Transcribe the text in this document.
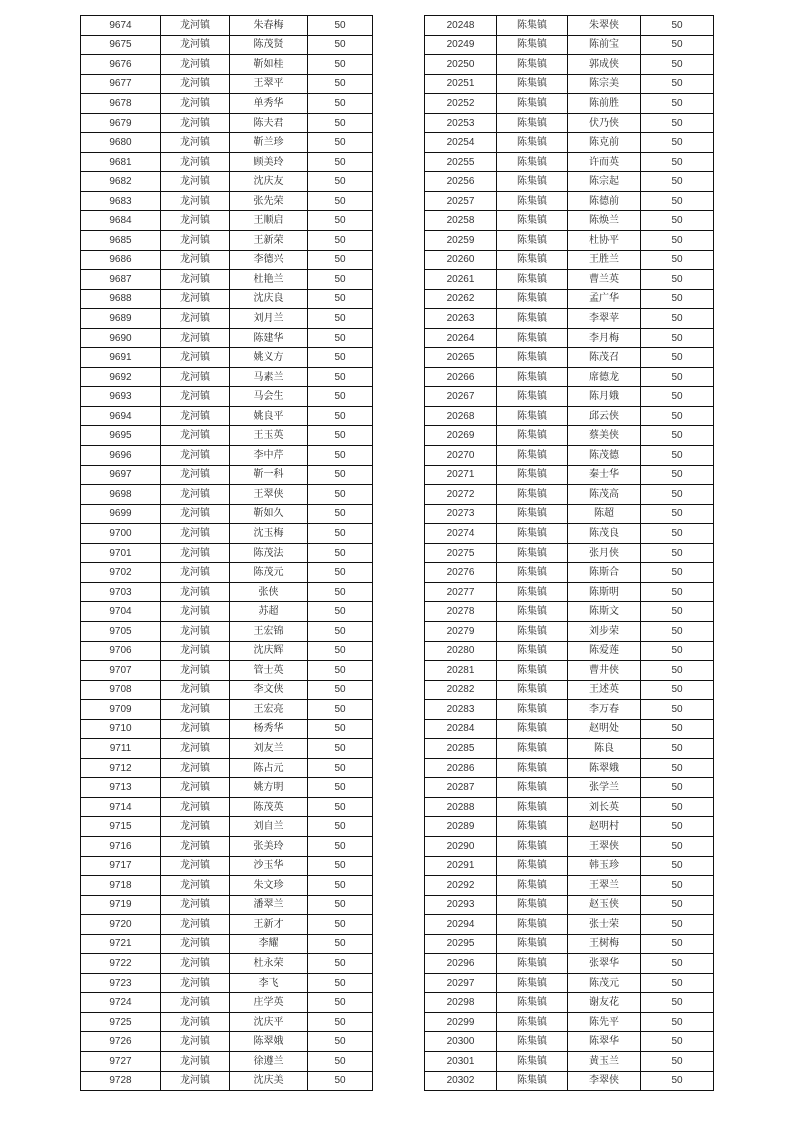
9674	龙河镇	朱春梅	50
9675	龙河镇	陈茂贤	50
9676	龙河镇	靳如桂	50
9677	龙河镇	王翠平	50
9678	龙河镇	单秀华	50
9679	龙河镇	陈夫君	50
9680	龙河镇	靳兰珍	50
9681	龙河镇	顾美玲	50
9682	龙河镇	沈庆友	50
9683	龙河镇	张先荣	50
9684	龙河镇	王顺启	50
9685	龙河镇	王新荣	50
9686	龙河镇	李德兴	50
9687	龙河镇	杜艳兰	50
9688	龙河镇	沈庆良	50
9689	龙河镇	刘月兰	50
9690	龙河镇	陈建华	50
9691	龙河镇	姚义方	50
9692	龙河镇	马素兰	50
9693	龙河镇	马会生	50
9694	龙河镇	姚良平	50
9695	龙河镇	王玉英	50
9696	龙河镇	李中芹	50
9697	龙河镇	靳一科	50
9698	龙河镇	王翠侠	50
9699	龙河镇	靳如久	50
9700	龙河镇	沈玉梅	50
9701	龙河镇	陈茂法	50
9702	龙河镇	陈茂元	50
9703	龙河镇	张侠	50
9704	龙河镇	苏超	50
9705	龙河镇	王宏锦	50
9706	龙河镇	沈庆辉	50
9707	龙河镇	管士英	50
9708	龙河镇	李文侠	50
9709	龙河镇	王宏亮	50
9710	龙河镇	杨秀华	50
9711	龙河镇	刘友兰	50
9712	龙河镇	陈占元	50
9713	龙河镇	姚方明	50
9714	龙河镇	陈茂英	50
9715	龙河镇	刘自兰	50
9716	龙河镇	张美玲	50
9717	龙河镇	沙玉华	50
9718	龙河镇	朱文珍	50
9719	龙河镇	潘翠兰	50
9720	龙河镇	王新才	50
9721	龙河镇	李耀	50
9722	龙河镇	杜永荣	50
9723	龙河镇	李飞	50
9724	龙河镇	庄学英	50
9725	龙河镇	沈庆平	50
9726	龙河镇	陈翠娥	50
9727	龙河镇	徐遵兰	50
9728	龙河镇	沈庆美	50
20248	陈集镇	朱翠侠	50
20249	陈集镇	陈前宝	50
20250	陈集镇	郭成侠	50
20251	陈集镇	陈宗美	50
20252	陈集镇	陈前胜	50
20253	陈集镇	伏乃侠	50
20254	陈集镇	陈克前	50
20255	陈集镇	许而英	50
20256	陈集镇	陈宗起	50
20257	陈集镇	陈德前	50
20258	陈集镇	陈焕兰	50
20259	陈集镇	杜协平	50
20260	陈集镇	王胜兰	50
20261	陈集镇	曹兰英	50
20262	陈集镇	孟广华	50
20263	陈集镇	李翠苹	50
20264	陈集镇	李月梅	50
20265	陈集镇	陈茂召	50
20266	陈集镇	席德龙	50
20267	陈集镇	陈月娥	50
20268	陈集镇	邱云侠	50
20269	陈集镇	蔡美侠	50
20270	陈集镇	陈茂德	50
20271	陈集镇	秦士华	50
20272	陈集镇	陈茂高	50
20273	陈集镇	陈超	50
20274	陈集镇	陈茂良	50
20275	陈集镇	张月侠	50
20276	陈集镇	陈斯合	50
20277	陈集镇	陈斯明	50
20278	陈集镇	陈斯文	50
20279	陈集镇	刘步荣	50
20280	陈集镇	陈爱莲	50
20281	陈集镇	曹井侠	50
20282	陈集镇	王述英	50
20283	陈集镇	李万春	50
20284	陈集镇	赵明处	50
20285	陈集镇	陈良	50
20286	陈集镇	陈翠娥	50
20287	陈集镇	张学兰	50
20288	陈集镇	刘长英	50
20289	陈集镇	赵明村	50
20290	陈集镇	王翠侠	50
20291	陈集镇	韩玉珍	50
20292	陈集镇	王翠兰	50
20293	陈集镇	赵玉侠	50
20294	陈集镇	张士荣	50
20295	陈集镇	王树梅	50
20296	陈集镇	张翠华	50
20297	陈集镇	陈茂元	50
20298	陈集镇	谢友花	50
20299	陈集镇	陈先平	50
20300	陈集镇	陈翠华	50
20301	陈集镇	黄玉兰	50
20302	陈集镇	李翠侠	50
